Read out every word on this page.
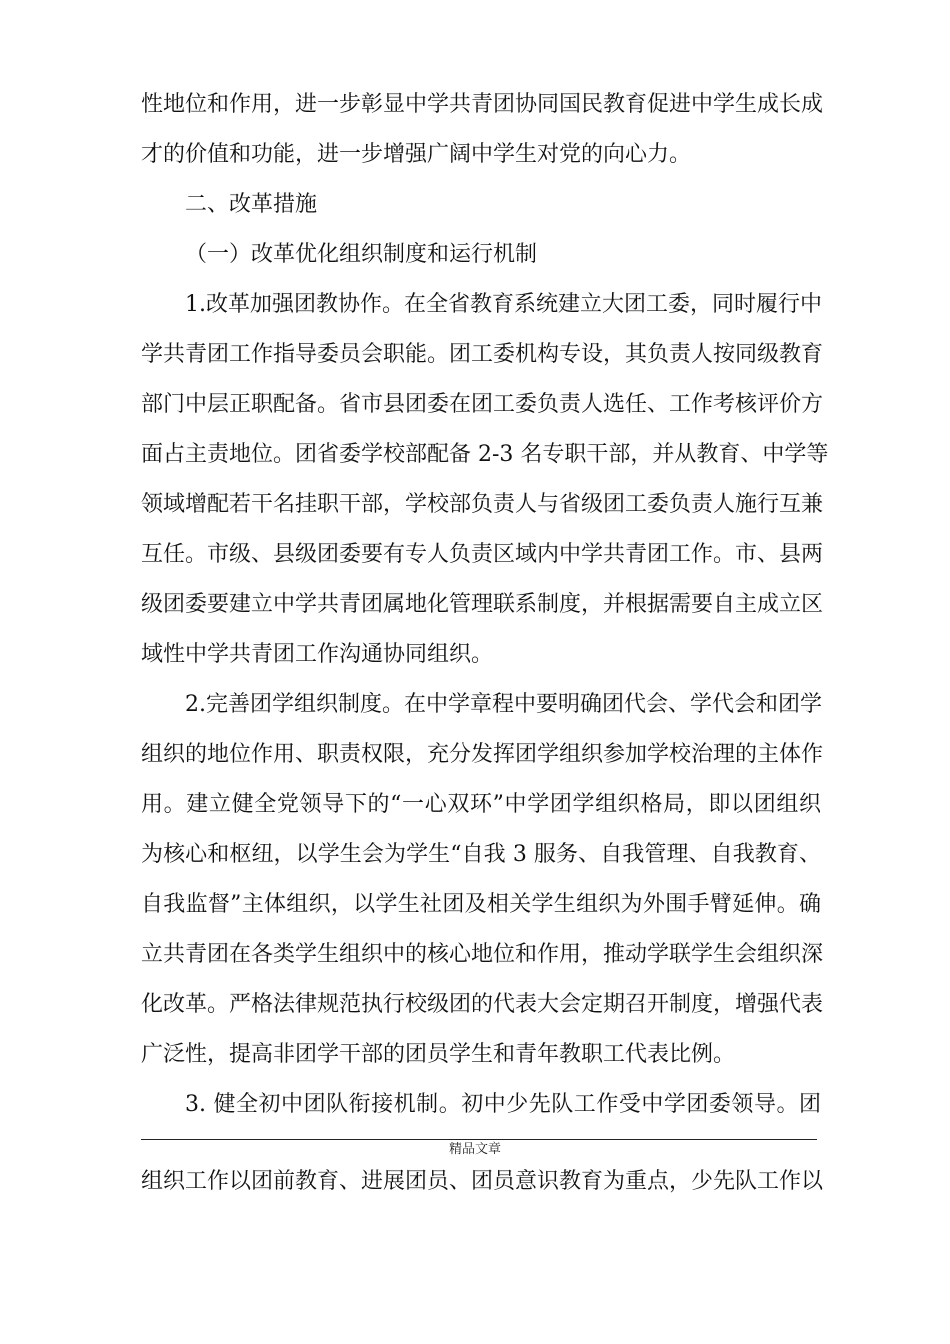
性地位和作用，进一步彰显中学共青团协同国民教育促进中学生成长成
才的价值和功能，进一步增强广阔中学生对党的向心力。
二、改革措施
（一）改革优化组织制度和运行机制
1.改革加强团教协作。在全省教育系统建立大团工委，同时履行中
学共青团工作指导委员会职能。团工委机构专设，其负责人按同级教育
部门中层正职配备。省市县团委在团工委负责人选任、工作考核评价方
面占主责地位。团省委学校部配备 2-3 名专职干部，并从教育、中学等
领域增配若干名挂职干部，学校部负责人与省级团工委负责人施行互兼
互任。市级、县级团委要有专人负责区域内中学共青团工作。市、县两
级团委要建立中学共青团属地化管理联系制度，并根据需要自主成立区
域性中学共青团工作沟通协同组织。
2.完善团学组织制度。在中学章程中要明确团代会、学代会和团学
组织的地位作用、职责权限，充分发挥团学组织参加学校治理的主体作
用。建立健全党领导下的“一心双环”中学团学组织格局，即以团组织
为核心和枢纽，以学生会为学生“自我 3 服务、自我管理、自我教育、
自我监督”主体组织，以学生社团及相关学生组织为外围手臂延伸。确
立共青团在各类学生组织中的核心地位和作用，推动学联学生会组织深
化改革。严格法律规范执行校级团的代表大会定期召开制度，增强代表
广泛性，提高非团学干部的团员学生和青年教职工代表比例。
3. 健全初中团队衔接机制。初中少先队工作受中学团委领导。团
精品文章
组织工作以团前教育、进展团员、团员意识教育为重点，少先队工作以
